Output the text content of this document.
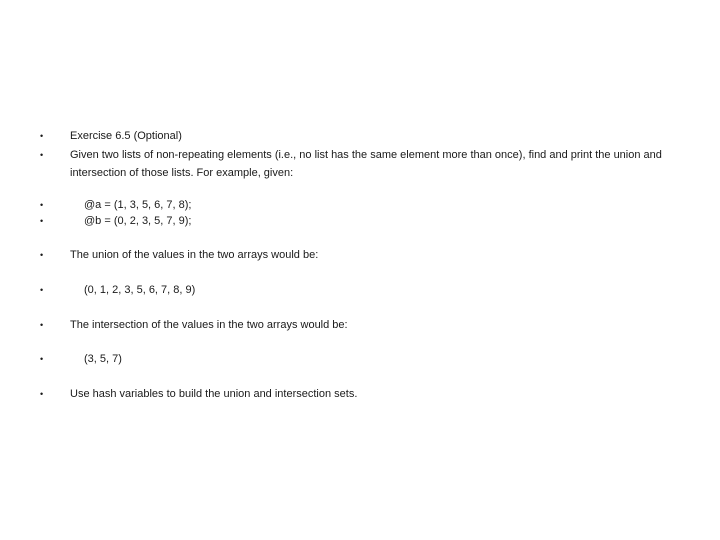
• Exercise 6.5 (Optional)
• Given two lists of non-repeating elements (i.e., no list has the same element more than once), find and print the union and intersection of those lists. For example, given:
•	@a = (1, 3, 5, 6, 7, 8);
•	@b = (0, 2, 3, 5, 7, 9);
• The union of the values in the two arrays would be:
•	(0, 1, 2, 3, 5, 6, 7, 8, 9)
• The intersection of the values in the two arrays would be:
•	(3, 5, 7)
• Use hash variables to build the union and intersection sets.
